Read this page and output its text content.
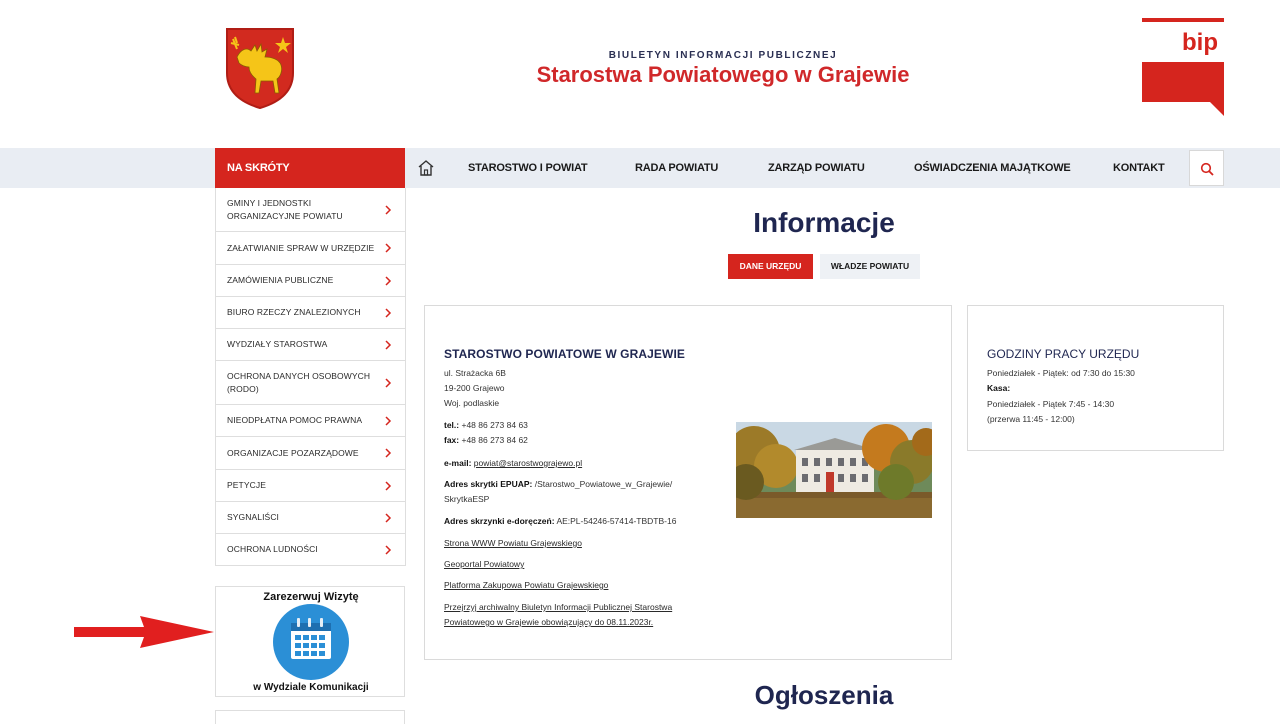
BIULETYN INFORMACJI PUBLICZNEJ
Starostwa Powiatowego w Grajewie
bip
NA SKRÓTY	STAROSTWO I POWIAT	RADA POWIATU	ZARZĄD POWIATU	OŚWIADCZENIA MAJĄTKOWE	KONTAKT
GMINY I JEDNOSTKI ORGANIZACYJNE POWIATU
ZAŁATWIANIE SPRAW W URZĘDZIE
ZAMÓWIENIA PUBLICZNE
BIURO RZECZY ZNALEZIONYCH
WYDZIAŁY STAROSTWA
OCHRONA DANYCH OSOBOWYCH (RODO)
NIEODPŁATNA POMOC PRAWNA
ORGANIZACJE POZARZĄDOWE
PETYCJE
SYGNALIŚCI
OCHRONA LUDNOŚCI
Zarezerwuj Wizytę
w Wydziale Komunikacji
Informacje
DANE URZĘDU	WŁADZE POWIATU
STAROSTWO POWIATOWE W GRAJEWIE
ul. Strażacka 6B
19-200 Grajewo
Woj. podlaskie
tel.: +48 86 273 84 63
fax: +48 86 273 84 62
e-mail: powiat@starostwograjewo.pl
Adres skrytki EPUAP: /Starostwo_Powiatowe_w_Grajewie/
SkrytkaESP
Adres skrzynki e-doręczeń: AE:PL-54246-57414-TBDTB-16
Strona WWW Powiatu Grajewskiego
Geoportal Powiatowy
Platforma Zakupowa Powiatu Grajewskiego
Przejrzyj archiwalny Biuletyn Informacji Publicznej Starostwa
Powiatowego w Grajewie obowiązujący do 08.11.2023r.
GODZINY PRACY URZĘDU
Poniedziałek - Piątek: od 7:30 do 15:30
Kasa:
Poniedziałek - Piątek 7:45 - 14:30
(przerwa 11:45 - 12:00)
Ogłoszenia
